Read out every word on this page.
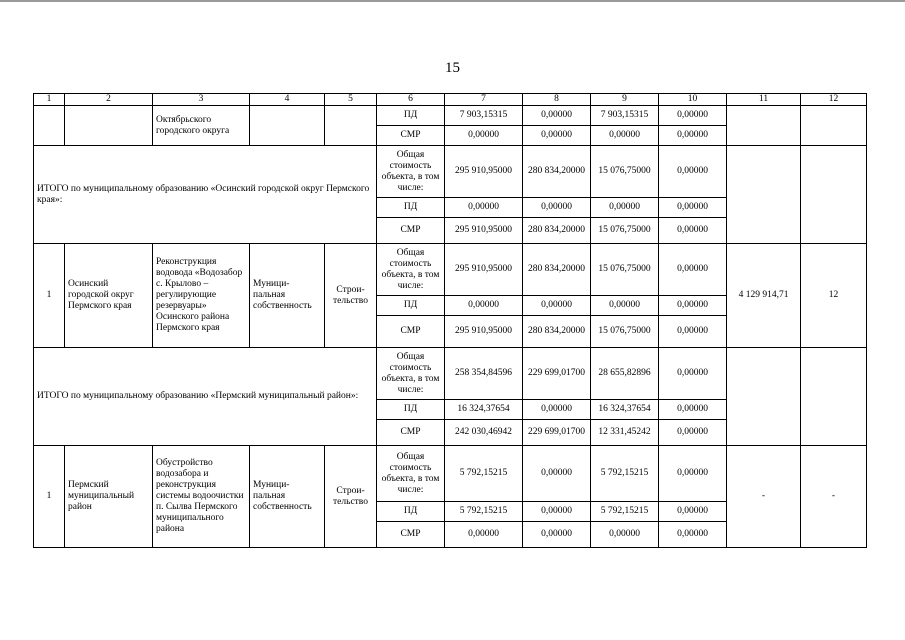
15
1	2	3	4	5	6	7	8	9	10	11	12
		Октябрьского городского округа			ПД	7 903,15315	0,00000	7 903,15315	0,00000		
					СМР	0,00000	0,00000	0,00000	0,00000		
ИТОГО по муниципальному образованию «Осинский городской округ Пермского края»:					Общая стоимость объекта, в том числе:	295 910,95000	280 834,20000	15 076,75000	0,00000		
					ПД	0,00000	0,00000	0,00000	0,00000		
					СМР	295 910,95000	280 834,20000	15 076,75000	0,00000		
1	Осинский городской округ Пермского края	Реконструкция водовода «Водозабор с. Крылово – регулирующие резервуары» Осинского района Пермского края	Муници-пальная собственность	Строи-тельство	Общая стоимость объекта, в том числе:	295 910,95000	280 834,20000	15 076,75000	0,00000	4 129 914,71	12
					ПД	0,00000	0,00000	0,00000	0,00000		
					СМР	295 910,95000	280 834,20000	15 076,75000	0,00000		
ИТОГО по муниципальному образованию «Пермский муниципальный район»:					Общая стоимость объекта, в том числе:	258 354,84596	229 699,01700	28 655,82896	0,00000		
					ПД	16 324,37654	0,00000	16 324,37654	0,00000		
					СМР	242 030,46942	229 699,01700	12 331,45242	0,00000		
1	Пермский муниципальный район	Обустройство водозабора и реконструкция системы водоочистки п. Сылва Пермского муниципального района	Муници-пальная собственность	Строи-тельство	Общая стоимость объекта, в том числе:	5 792,15215	0,00000	5 792,15215	0,00000	-	-
					ПД	5 792,15215	0,00000	5 792,15215	0,00000		
					СМР	0,00000	0,00000	0,00000	0,00000		
